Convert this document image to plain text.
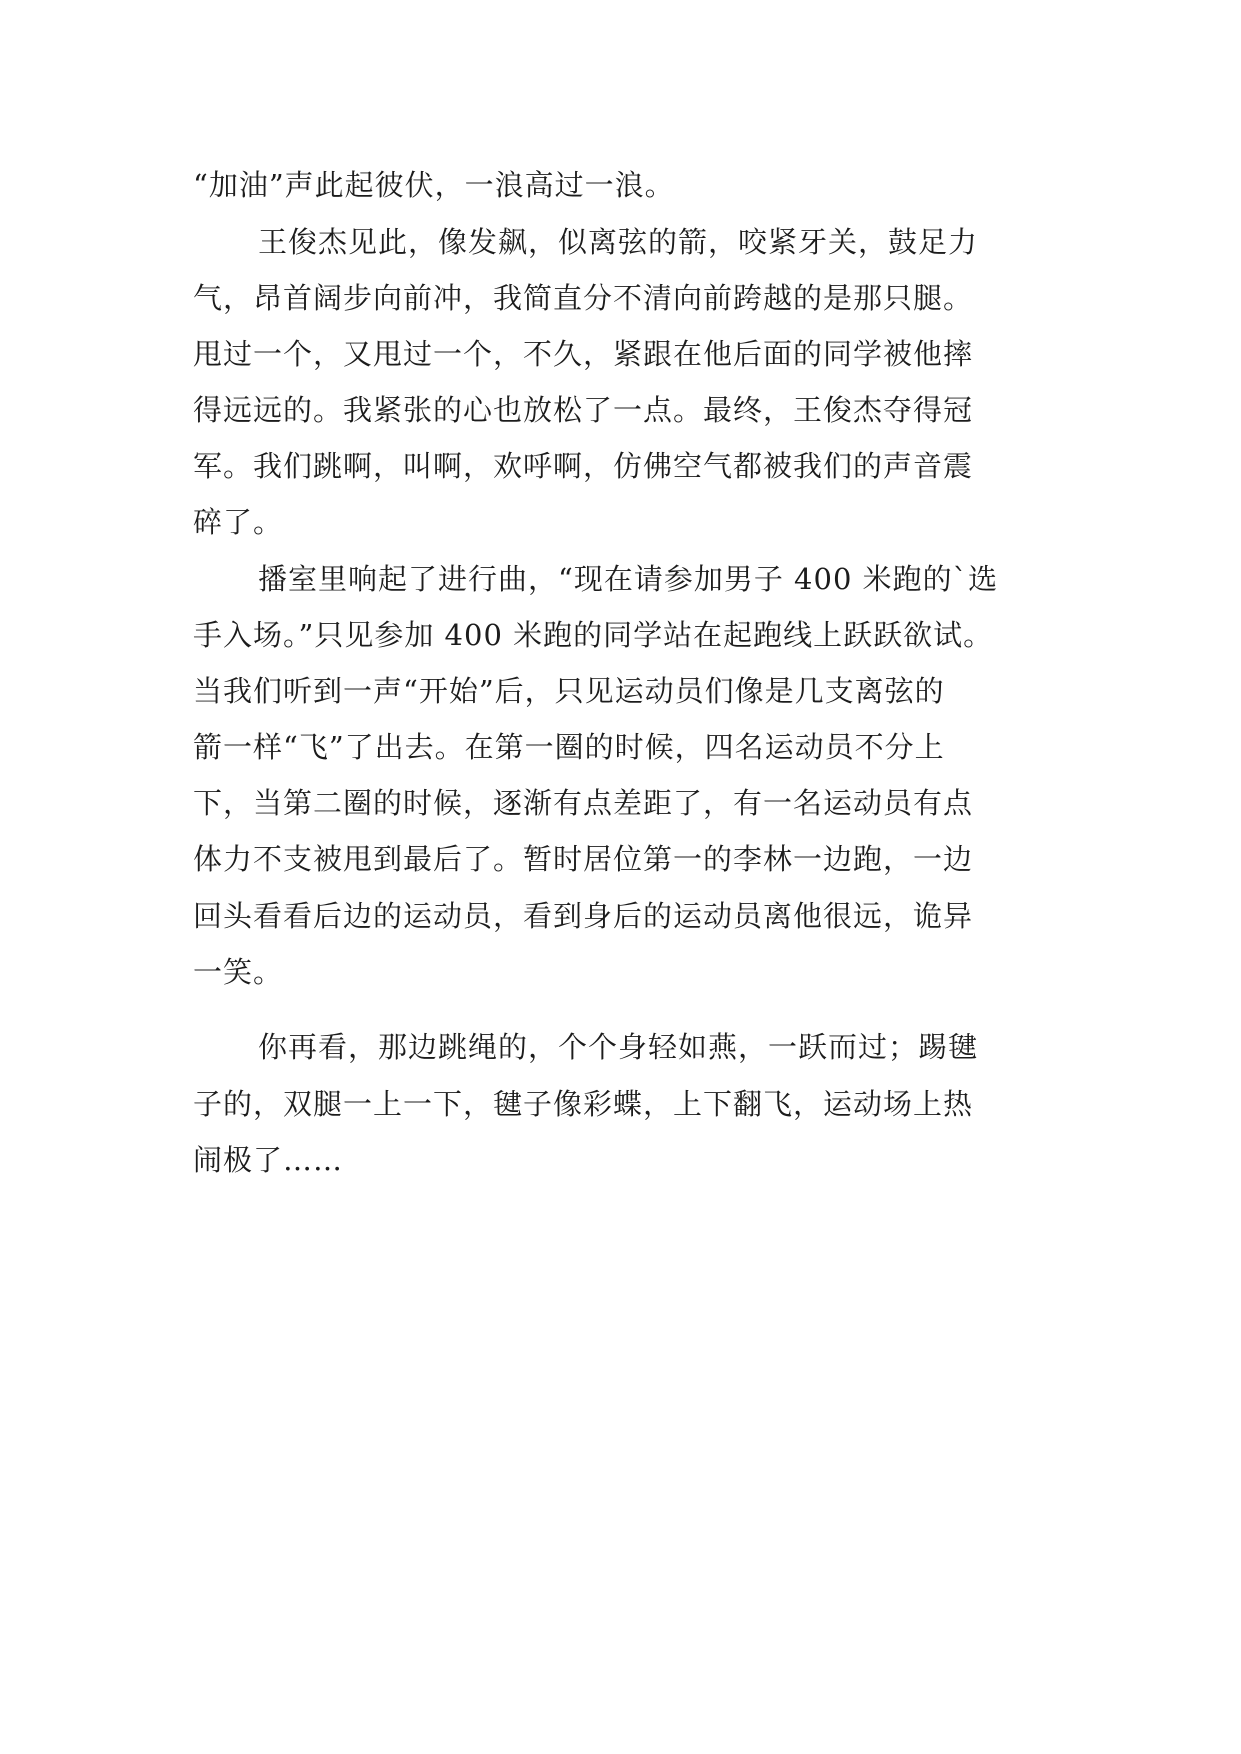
“加油”声此起彼伏，一浪高过一浪。
王俊杰见此，像发飙，似离弦的箭，咬紧牙关，鼓足力
气，昂首阔步向前冲，我简直分不清向前跨越的是那只腿。
甩过一个，又甩过一个，不久，紧跟在他后面的同学被他摔
得远远的。我紧张的心也放松了一点。最终，王俊杰夺得冠
军。我们跳啊，叫啊，欢呼啊，仿佛空气都被我们的声音震
碎了。
播室里响起了进行曲，“现在请参加男子 400 米跑的`选
手入场。”只见参加 400 米跑的同学站在起跑线上跃跃欲试。
当我们听到一声“开始”后，只见运动员们像是几支离弦的
箭一样“飞”了出去。在第一圈的时候，四名运动员不分上
下，当第二圈的时候，逐渐有点差距了，有一名运动员有点
体力不支被甩到最后了。暂时居位第一的李林一边跑，一边
回头看看后边的运动员，看到身后的运动员离他很远，诡异
一笑。
你再看，那边跳绳的，个个身轻如燕，一跃而过；踢毽
子的，双腿一上一下，毽子像彩蝶，上下翻飞，运动场上热
闹极了……
